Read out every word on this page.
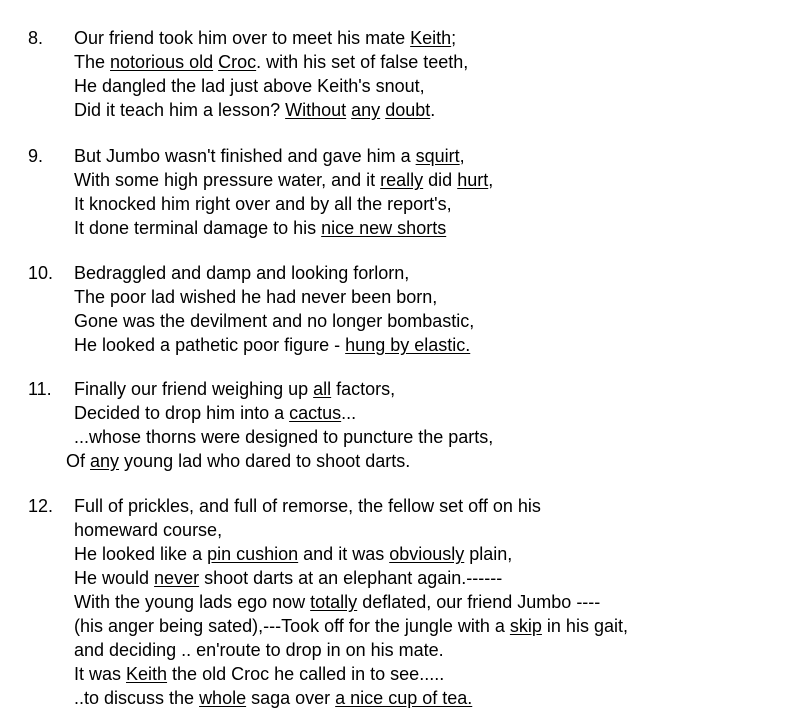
8.	Our friend took him over to meet his mate Keith;
The notorious old Croc. with his set of false teeth,
He dangled the lad just above Keith's snout,
Did it teach him a lesson? Without any doubt.
9.	But Jumbo wasn't finished and gave him a squirt,
With some high pressure water, and it really did hurt,
It knocked him right over and by all the report's,
It done terminal damage to his nice new shorts
10.	Bedraggled and damp and looking forlorn,
The poor lad wished he had never been born,
Gone was the devilment and no longer bombastic,
He looked a pathetic poor figure - hung by elastic.
11.	Finally our friend weighing up all factors,
Decided to drop him into a cactus...
...whose thorns were designed to puncture the parts,
Of any young lad who dared to shoot darts.
12.	Full of prickles, and full of remorse, the fellow set off on his
homeward course,
He looked like a pin cushion and it was obviously plain,
He would never shoot darts at an elephant again.------
With the young lads ego now totally deflated, our friend Jumbo ----
(his anger being sated),---Took off for the jungle with a skip in his gait,
and deciding .. en'route to drop in on his mate.
It was Keith the old Croc he called in to see.....
..to discuss the whole saga over a nice cup of tea.
